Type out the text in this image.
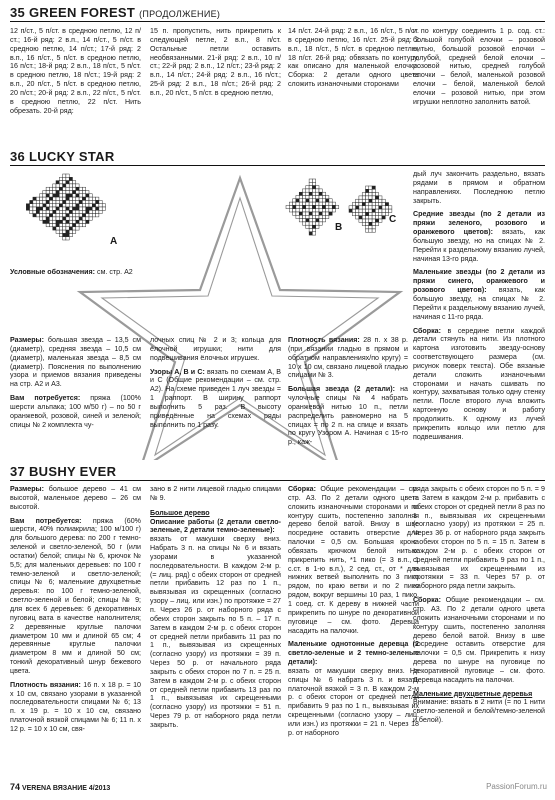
35 GREEN FOREST (ПРОДОЛЖЕНИЕ)

12 п/ст., 5 п/ст. в средною петлю, 12 п/ст.; 16-й ряд: 2 в.п., 14 п/ст., 5 п/ст. в средною петлю, 14 п/ст.; 17-й ряд: 2 в.п., 16 п/ст., 5 п/ст. в средною петлю, 16 п/ст.; 18-й ряд: 2 в.п., 18 п/ст., 5 п/ст. в средною петлю, 18 п/ст.; 19-й ряд: 2 в.п., 20 п/ст., 5 п/ст. в средною петлю, 20 п/ст.; 20-й ряд: 2 в.п., 22 п/ст., 5 п/ст. в средною петлю, 22 п/ст. Нить обрезать. 20-й ряд:

15 п. пропустить, нить прикрепить к следующей петле, 2 в.п., 8 п/ст. Остальные петли оставить необвязанными. 21-й ряд: 2 в.п., 10 п/ст.; 22-й ряд: 2 в.п., 12 п/ст.; 23-й ряд: 2 в.п., 14 п/ст.; 24-й ряд: 2 в.п., 16 п/ст.; 25-й ряд: 2 в.п., 18 п/ст.; 26-й ряд: 2 в.п., 20 п/ст., 5 п/ст. в средною петлю,

14 п/ст. 24-й ряд: 2 в.п., 16 п/ст., 5 п/ст. в средною петлю, 16 п/ст. 25-й ряд: 2 в.п., 18 п/ст., 5 п/ст. в средною петлю, 18 п/ст. 26-й ряд: обвязать по контуру, как описано для маленькой елочки. Сборка: 2 детали одного цвета сложить изнаночными сторонами

и по контуру соединить 1 р. сод. ст.: большой голубой елочки – розовой нитью, большой розовой елочки – голубой, средней белой елочки – розовой нитью, средней голубой елочки – белой, маленькой розовой елочки – белой, маленькой белой елочки – розовой нитью, при этом игрушки неплотно заполнить ватой.

36 LUCKY STAR
А
В
С
Условные обозначения: см. стр. А2

дый луч закончить раздельно, вязать рядами в прямом и обратном направлениях. Последнюю петлю закрыть.

Средние звезды (по 2 детали из пряжи зеленого, розового и оранжевого цветов): вязать, как большую звезду, но на спицах № 2. Перейти к раздельному вязанию лучей, начиная 13-го ряда.

Маленькие звезды (по 2 детали из пряжи синего, оранжевого и розового цветов): вязать, как большую звезду, на спицах № 2. Перейти к раздельному вязанию лучей, начиная с 11-го ряда.

Сборка: в середине петли каждой детали стянуть на нити. Из плотного картона изготовить звезду-основу соответствующего размера (см. рисунок поверх текста). Обе вязаные детали сложить изнаночными сторонами и начать сшивать по контуру, захватывая только одну стенку петли. После второго луча вложить картонную основу и работу продолжить. К одному из лучей прикрепить кольцо или петлю для подвешивания.

Размеры: большая звезда – 13,5 см (диаметр), средняя звезда – 10,5 см (диаметр), маленькая звезда – 8,5 см (диаметр). Пояснения по выполнению узора и приемов вязания приведены на стр. А2 и А3.

Вам потребуется: пряжа (100% шерсти альпака; 100 м/50 г) – по 50 г оранжевой, розовой, синей и зеленой; спицы № 2 комплекта чу-

лочных спиц № 2 и 3; кольца для ёлочной игрушки; нити для подвешивания ёлочных игрушек.

Узоры А, В и С: вязать по схемам А, В и С (Общие рекомендации – см. стр. А2). На схеме приведен 1 луч звезды = 1 раппорт. В ширину раппорт выполнить 5 раз. В высоту приведённые на схемах ряды выполнить по 1 разу.

Плотность вязания: 28 п. х 38 р. (при вязании гладью в прямом и обратном направлениях/по кругу) = 10 х 10 см, связано лицевой гладью спицами № 3.

Большая звезда (2 детали): на чулочные спицы № 4 набрать оранжевой нитью 10 п., петли распределить равномерно на 5 спицах = по 2 п. на спице и вязать по кругу Узором А. Начиная с 15-го р., каж-

37 BUSHY EVER

Размеры: большое дерево – 41 см высотой, маленькое дерево – 26 см высотой.

Вам потребуется: пряжа (60% шерсти, 40% полиакрила; 100 м/100 г) для большого дерева: по 200 г темно-зеленой и светло-зеленой, 50 г (или остатки) белой; спицы № 6, крючок № 5,5; для маленьких деревьев: по 100 г темно-зеленой и светло-зеленой; спицы № 6; маленькие двухцветные деревья: по 100 г темно-зеленой, светло-зеленой и белой; спицы № 9; для всех 6 деревьев: 6 декоративных пуговиц вата в качестве наполнителя; 2 деревянные круглые палочки диаметром 10 мм и длиной 65 см; 4 деревянные круглые палочки диаметром 8 мм и длиной 50 см; тонкий декоративный шнур бежевого цвета.

Плотность вязания: 16 п. х 18 р. = 10 х 10 см, связано узорами в указанной последовательности спицами № 6; 13 п. х 19 р. = 10 х 10 см, связано платочной вязкой спицами № 6; 11 п. х 12 р. = 10 х 10 см, свя-

зано в 2 нити лицевой гладью спицами № 9.

Большое дерево

Описание работы (2 детали светло-зеленые, 2 детали темно-зеленые):

вязать от макушки сверху вниз. Набрать 3 п. на спицы № 6 и вязать узорами в указанной последовательности. В каждом 2-м р. (= лиц. ряд) с обеих сторон от средней петли прибавить 12 раз по 1 п., вывязывая из скрещенных (согласно узору – лиц. или изн.) по протяжке = 27 п. Через 26 р. от наборного ряда с обеих сторон закрыть по 5 п. – 17 п. Затем в каждом 2-м р. с обеих сторон от средней петли прибавить 11 раз по 1 п., вывязывая из скрещенных (согласно узору) из протяжки = 39 п. Через 50 р. от начального ряда закрыть с обеих сторон по 7 п. = 25 п. Затем в каждом 2-м р. с обеих сторон от средней петли прибавить 13 раз по 1 п., вывязывая их скрещенными (согласно узору) из протяжки = 51 п. Через 79 р. от наборного ряда петли закрыть.

Сборка: Общие рекомендации – см. стр. А3. По 2 детали одного цвета сложить изнаночными сторонами и по контуру сшить, постепенно заполняя дерево белой ватой. Внизу в шве посредине оставить отверстие для палочки = 0,5 см. Большая крона обвязать крючком белой нитью: прикрепить нить, *1 пико (= 3 в.п., 1 с.ст. в 1-ю в.п.), 2 сед. ст., от * для нижних ветвей выполнить по 3 пико рядом, по краю ветви и по 2 пико рядом, вокруг вершины 10 раз, 1 пико, 1 соед. ст. К дереву в нижней части прикрепить по шнуре по декоративной пуговице – см. фото. Деревца насадить на палочки.

Маленькие однотонные деревца (2 светло-зеленые и 2 темно-зеленые детали):

вязать от макушки сверху вниз. На спицы № 6 набрать 3 п. и вязать платочной вязкой = 3 п. В каждом 2-м р. с обеих сторон от средней петли прибавить 9 раз по 1 п., вывязывая их скрещенными (согласно узору – лиц. или изн.) из протяжки = 21 п. Через 18 р. от наборного

ряда закрыть с обеих сторон по 5 п. = 9 п. Затем в каждом 2-м р. прибавить с обеих сторон от средней петли 8 раз по 1 п., вывязывая их скрещенными (согласно узору) из протяжки = 25 п. Через 36 р. от наборного ряда закрыть с обеих сторон по 5 п. = 15 п. Затем в каждом 2-м р. с обеих сторон от средней петли прибавить 9 раз по 1 п., вывязывая их скрещенными из протяжки = 33 п. Через 57 р. от наборного ряда петли закрыть.

Сборка: Общие рекомендации – см. стр. А3. По 2 детали одного цвета сложить изнаночными сторонами и по контуру сшить, постепенно заполняя дерево белой ватой. Внизу в шве посредине оставить отверстие для палочки = 0,5 см. Прикрепить к низу дерева по шнуре на пуговице по декоративной пуговице – см. фото. Деревца насадить на палочки.

Маленькие двухцветные деревья

Внимание: вязать в 2 нити (= по 1 нити светло-зеленой и белой/темно-зеленой и белой).

74 VERENA ВЯЗАНИЕ 4/2013	PassionForum.ru
